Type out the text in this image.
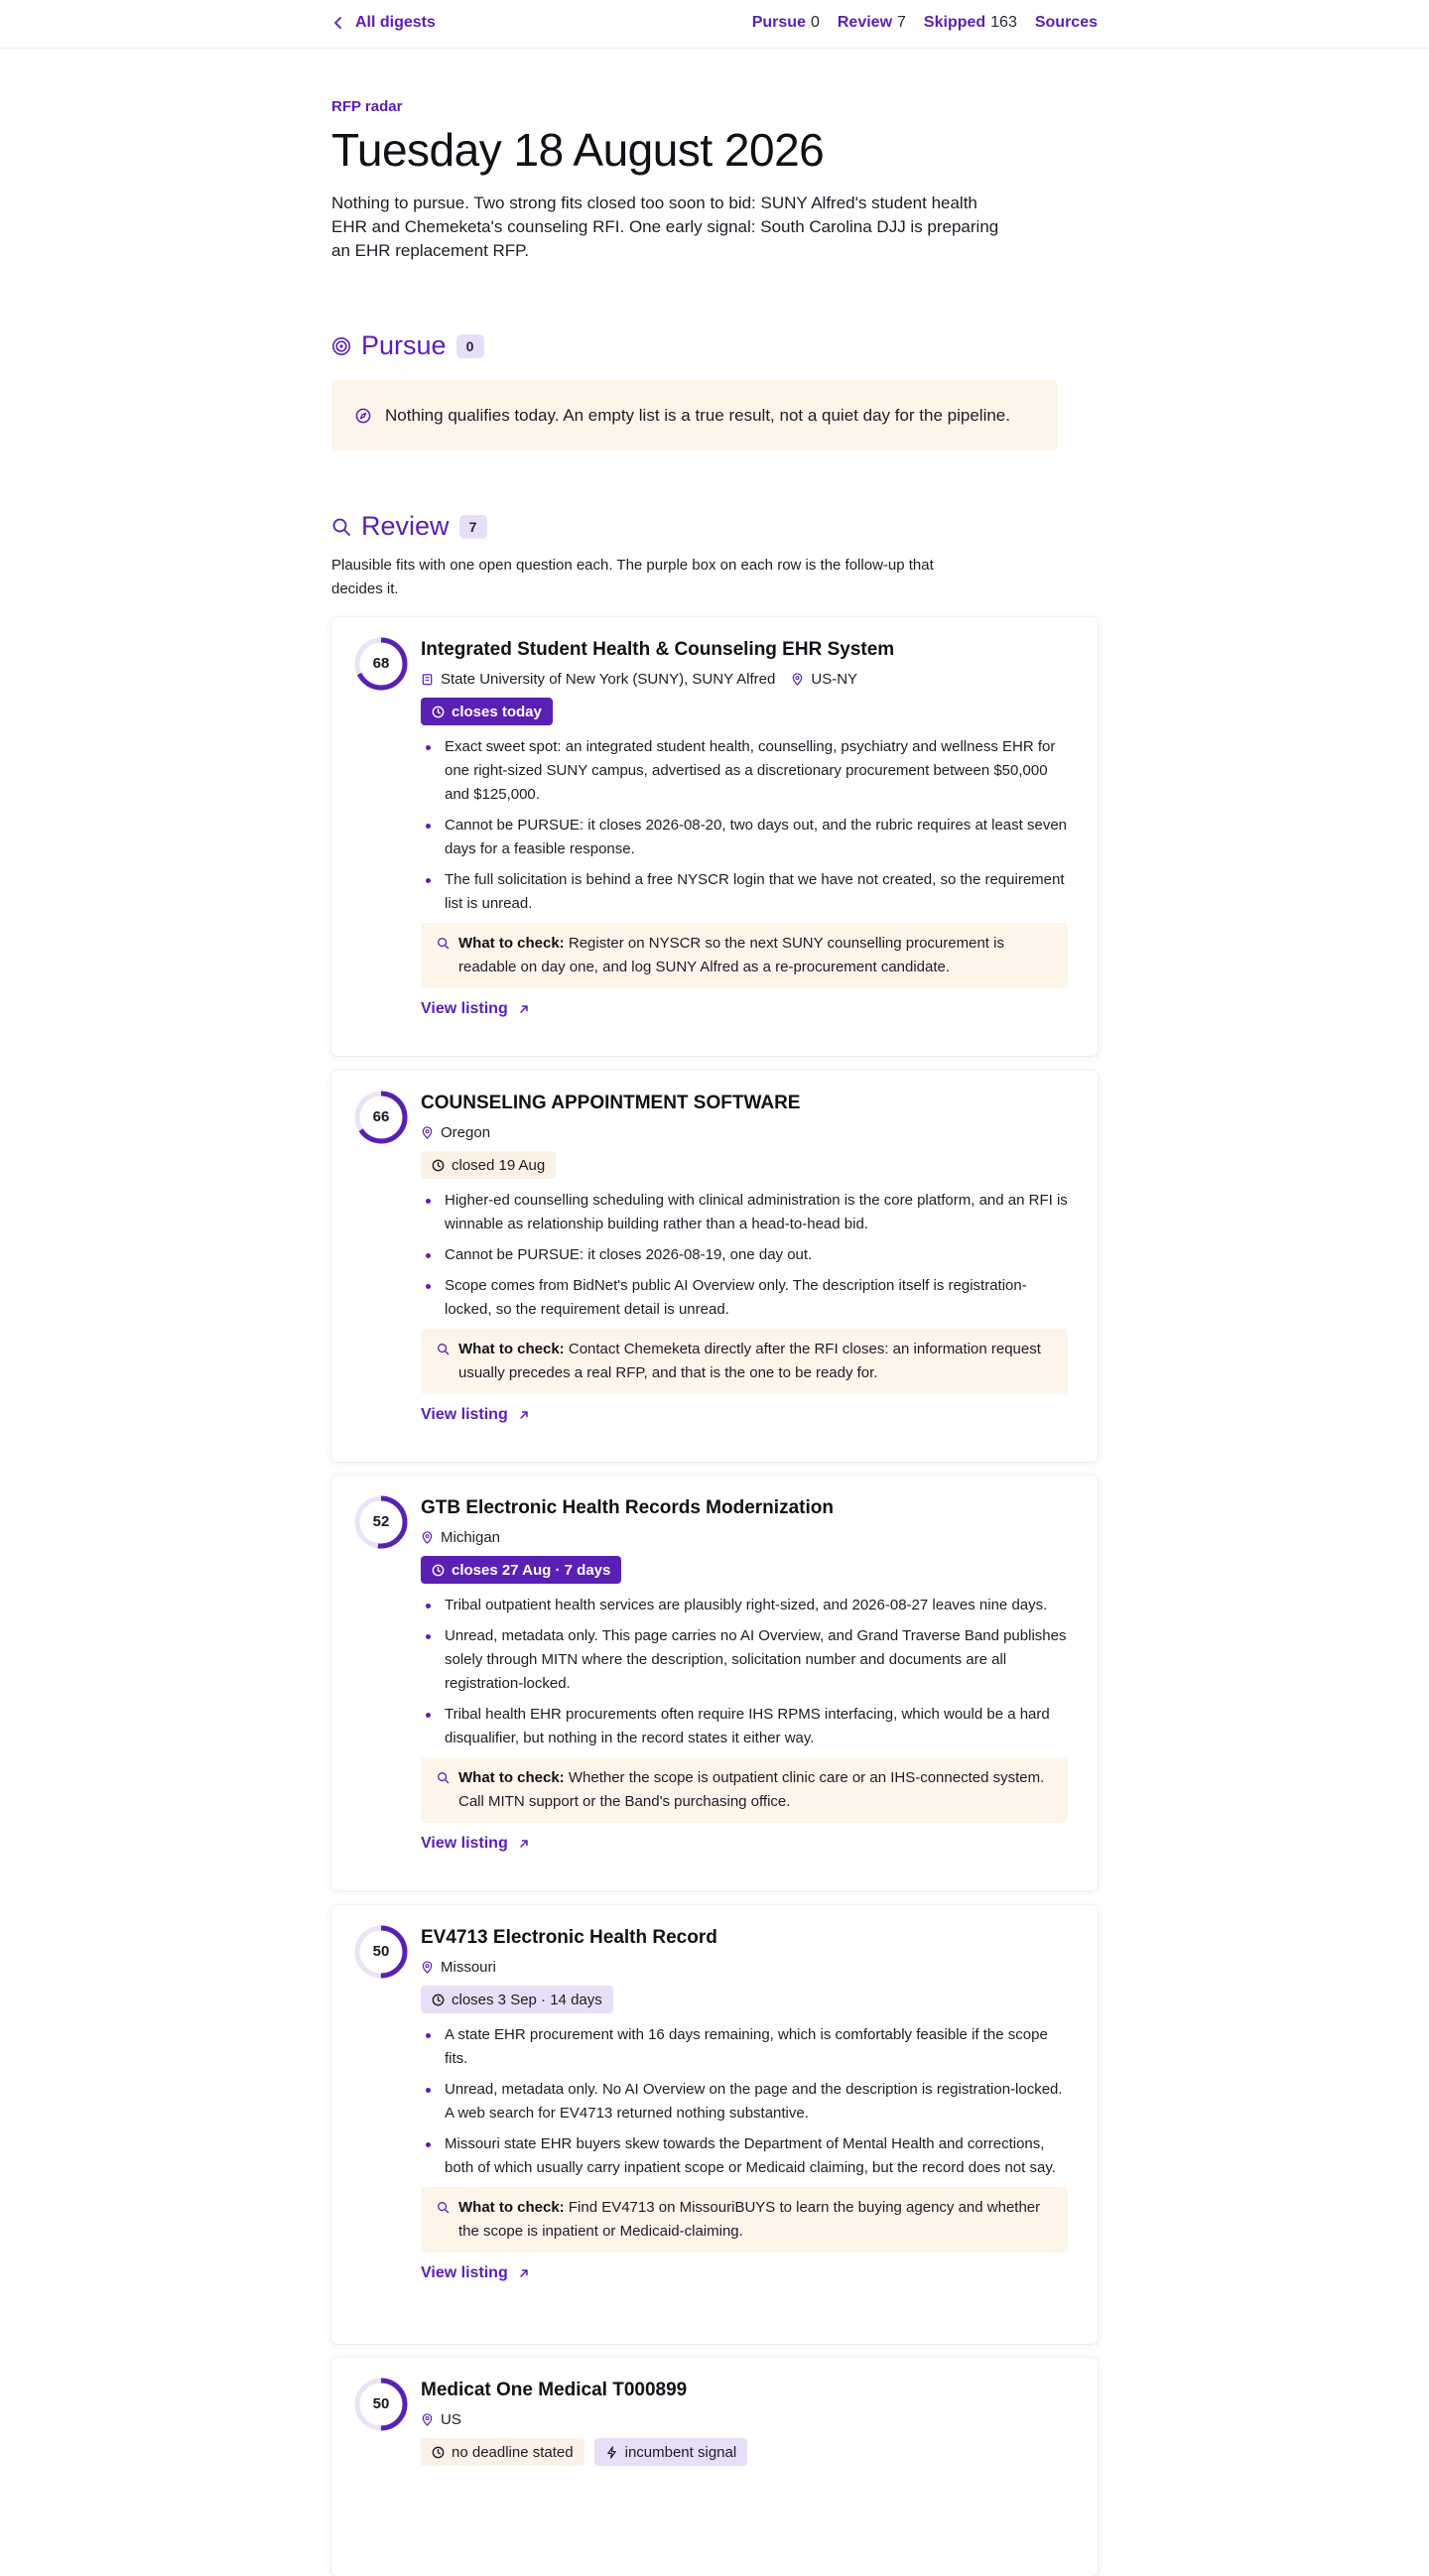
All digests	Pursue 0 Review 7 Skipped 163 Sources
RFP radar
Tuesday 18 August 2026

Nothing to pursue. Two strong fits closed too soon to bid: SUNY Alfred's student health EHR and Chemeketa's counseling RFI. One early signal: South Carolina DJJ is preparing an EHR replacement RFP.

Pursue	0
Nothing qualifies today. An empty list is a true result, not a quiet day for the pipeline.
Review	7

Plausible fits with one open question each. The purple box on each row is the follow-up that decides it.

68
Integrated Student Health & Counseling EHR System
State University of New York (SUNY), SUNY Alfred US-NY
closes today
Exact sweet spot: an integrated student health, counselling, psychiatry and wellness EHR for one right-sized SUNY campus, advertised as a discretionary procurement between $50,000 and $125,000.
Cannot be PURSUE: it closes 2026-08-20, two days out, and the rubric requires at least seven days for a feasible response.
The full solicitation is behind a free NYSCR login that we have not created, so the requirement list is unread.
What to check: Register on NYSCR so the next SUNY counselling procurement is readable on day one, and log SUNY Alfred as a re-procurement candidate.
View listing
66
COUNSELING APPOINTMENT SOFTWARE
Oregon
closed 19 Aug
Higher-ed counselling scheduling with clinical administration is the core platform, and an RFI is winnable as relationship building rather than a head-to-head bid.
Cannot be PURSUE: it closes 2026-08-19, one day out.
Scope comes from BidNet's public AI Overview only. The description itself is registration-locked, so the requirement detail is unread.
What to check: Contact Chemeketa directly after the RFI closes: an information request usually precedes a real RFP, and that is the one to be ready for.
View listing
52
GTB Electronic Health Records Modernization
Michigan
closes 27 Aug · 7 days
Tribal outpatient health services are plausibly right-sized, and 2026-08-27 leaves nine days.
Unread, metadata only. This page carries no AI Overview, and Grand Traverse Band publishes solely through MITN where the description, solicitation number and documents are all registration-locked.
Tribal health EHR procurements often require IHS RPMS interfacing, which would be a hard disqualifier, but nothing in the record states it either way.
What to check: Whether the scope is outpatient clinic care or an IHS-connected system. Call MITN support or the Band's purchasing office.
View listing
50
EV4713 Electronic Health Record
Missouri
closes 3 Sep · 14 days
A state EHR procurement with 16 days remaining, which is comfortably feasible if the scope fits.
Unread, metadata only. No AI Overview on the page and the description is registration-locked. A web search for EV4713 returned nothing substantive.
Missouri state EHR buyers skew towards the Department of Mental Health and corrections, both of which usually carry inpatient scope or Medicaid claiming, but the record does not say.
What to check: Find EV4713 on MissouriBUYS to learn the buying agency and whether the scope is inpatient or Medicaid-claiming.
View listing
50
Medicat One Medical T000899
US
no deadline stated	incumbent signal
